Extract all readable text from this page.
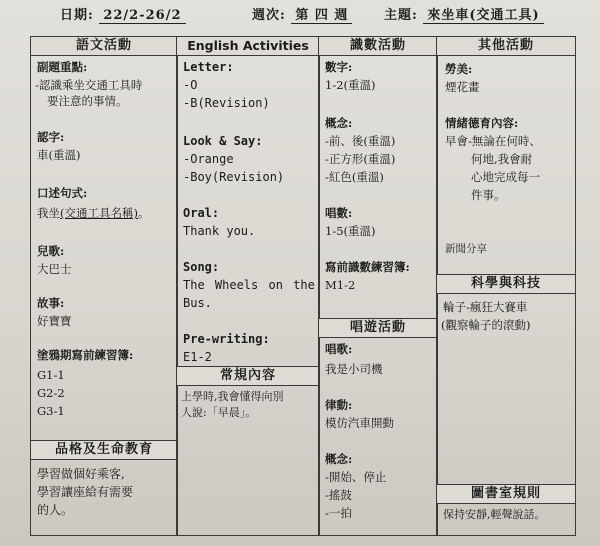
日期: 22/2-26/2	週次: 第 四 週	主題: 來坐車(交通工具)
語文活動
副題重點:
-認識乘坐交通工具時
要注意的事情。
認字:
車(重溫)
口述句式:
我坐(交通工具名稱)。
兒歌:
大巴士
故事:
好寶寶
塗鴉期寫前練習簿:
G1-1
G2-2
G3-1
品格及生命教育
學習做個好乘客,
學習讓座給有需要
的人。
English Activities
Letter:
-O
-B(Revision)
Look & Say:
-Orange
-Boy(Revision)
Oral:
Thank you.
Song:
The Wheels on the
Bus.
Pre-writing:
E1-2
常規內容
上學時,我會懂得向別
人說:「早晨」。
識數活動
數字:
1-2(重溫)
概念:
-前、後(重溫)
-正方形(重溫)
-紅色(重溫)
唱數:
1-5(重溫)
寫前識數練習簿:
M1-2
唱遊活動
唱歌:
我是小司機
律動:
模仿汽車開動
概念:
-開始、停止
-搖鼓
-一拍
其他活動
勞美:
煙花畫
情緒德育內容:
早會-無論在何時、
何地,我會耐
心地完成每一
件事。
新聞分享
科學與科技
輪子-瘋狂大賽車
(觀察輪子的滾動)
圖書室規則
保持安靜,輕聲說話。
